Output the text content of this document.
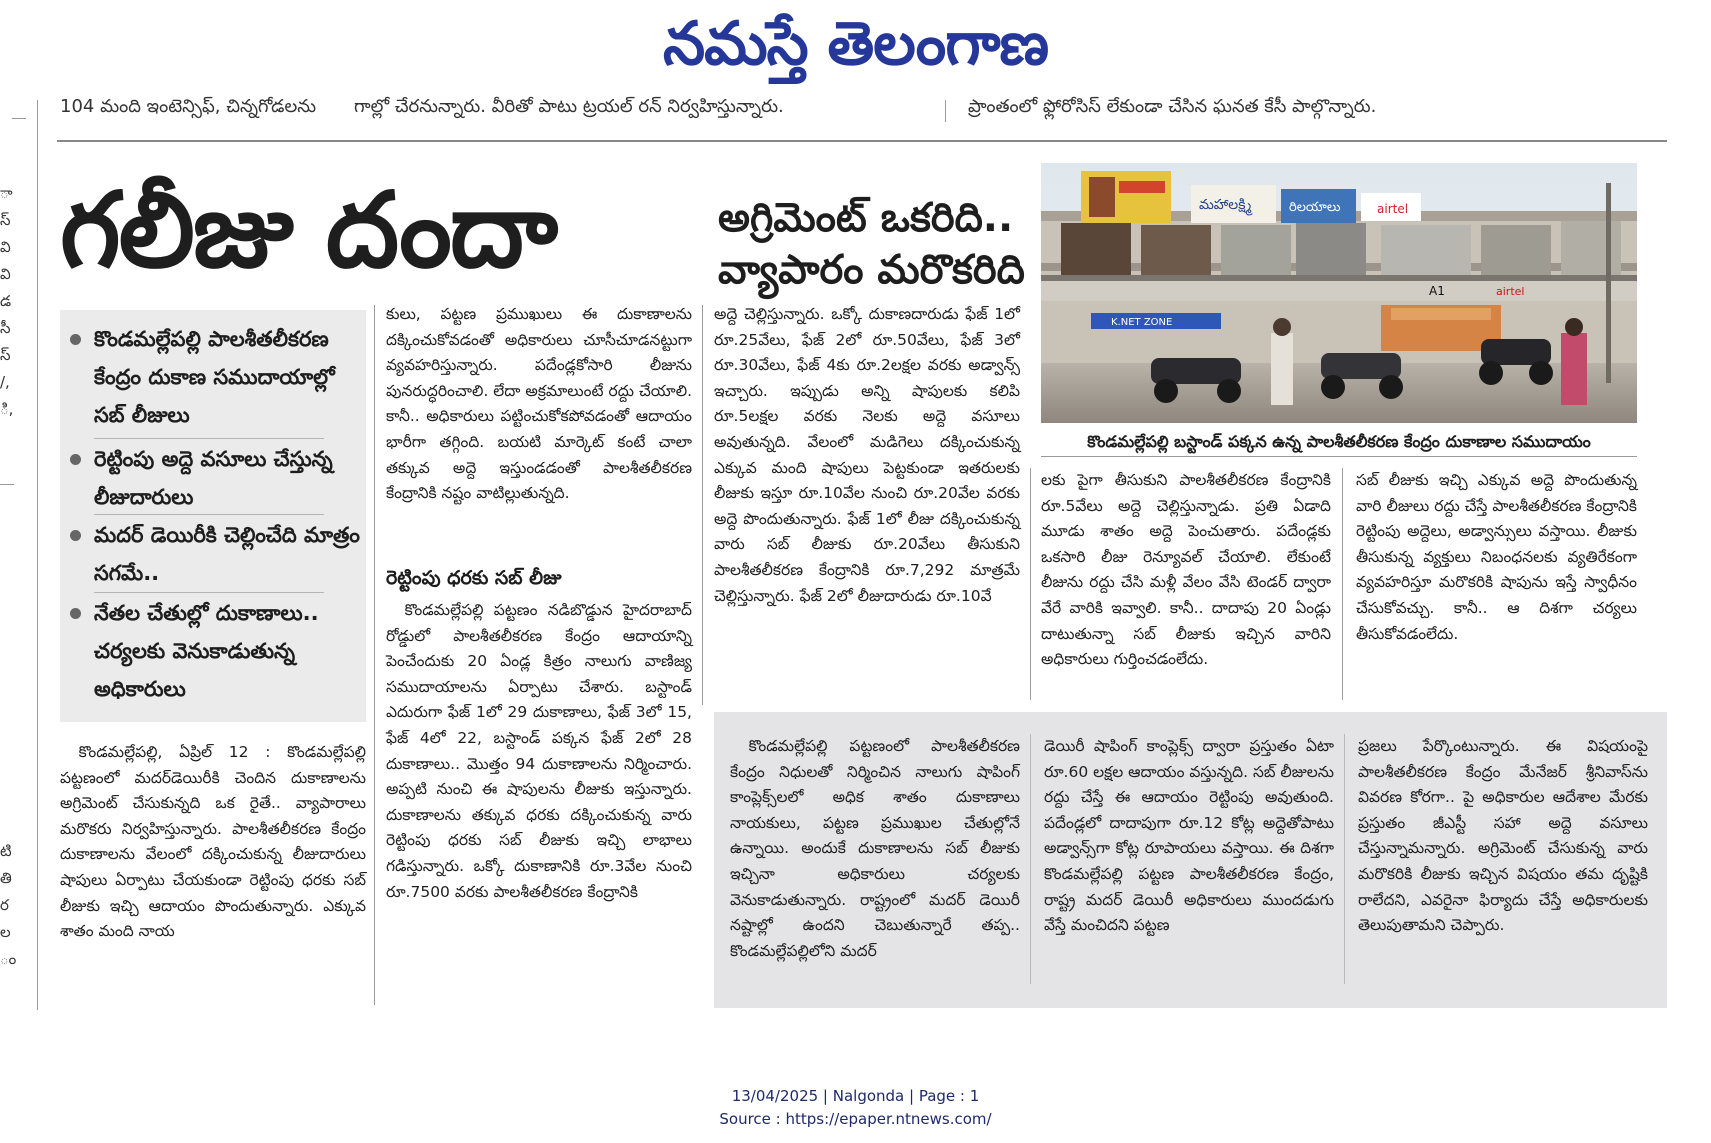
నమస్తే తెలంగాణ
104 మంది ఇంటెన్సిఫ్, చిన్నగోడలను	గాల్లో చేరనున్నారు. వీరితో పాటు ట్రయల్ రన్ నిర్వహిస్తున్నారు.	ప్రాంతంలో ఫ్లోరోసిస్ లేకుండా చేసిన ఘనత కేసీ పాల్గొన్నారు.
ా
స్
వి
వి
డ
సీ
స్
/,
ి,
టి
తి
ర
ల
ం
గలీజు దందా	అగ్రిమెంట్ ఒకరిది..
వ్యాపారం మరొకరిది
కొండమల్లేపల్లి పాలశీతలీకరణ కేంద్రం దుకాణ సముదాయాల్లో సబ్ లీజులు
రెట్టింపు అద్దె వసూలు చేస్తున్న లీజుదారులు
మదర్ డెయిరీకి చెల్లించేది మాత్రం సగమే..
నేతల చేతుల్లో దుకాణాలు.. చర్యలకు వెనుకాడుతున్న అధికారులు

కొండమల్లేపల్లి, ఏప్రిల్ 12 : కొండమల్లేపల్లి పట్టణంలో మదర్‌డెయిరీకి చెందిన దుకాణాలను అగ్రిమెంట్ చేసుకున్నది ఒక రైతే.. వ్యాపారాలు మరొకరు నిర్వహిస్తున్నారు. పాలశీతలీకరణ కేంద్రం దుకాణాలను వేలంలో దక్కించుకున్న లీజుదారులు షాపులు ఏర్పాటు చేయకుండా రెట్టింపు ధరకు సబ్ లీజుకు ఇచ్చి ఆదాయం పొందుతున్నారు. ఎక్కువ శాతం మంది నాయ

కులు, పట్టణ ప్రముఖులు ఈ దుకాణాలను దక్కించుకోవడంతో అధికారులు చూసీచూడనట్టుగా వ్యవహరిస్తున్నారు. పదేండ్లకోసారి లీజును పునరుద్ధరించాలి. లేదా అక్రమాలుంటే రద్దు చేయాలి. కానీ.. అధికారులు పట్టించుకోకపోవడంతో ఆదాయం భారీగా తగ్గింది. బయటి మార్కెట్ కంటే చాలా తక్కువ అద్దె ఇస్తుండడంతో పాలశీతలీకరణ కేంద్రానికి నష్టం వాటిల్లుతున్నది.

రెట్టింపు ధరకు సబ్ లీజు

కొండమల్లేపల్లి పట్టణం నడిబొడ్డున హైదరాబాద్ రోడ్డులో పాలశీతలీకరణ కేంద్రం ఆదాయాన్ని పెంచేందుకు 20 ఏండ్ల కిత్రం నాలుగు వాణిజ్య సముదాయాలను ఏర్పాటు చేశారు. బస్టాండ్ ఎదురుగా ఫేజ్ 1లో 29 దుకాణాలు, ఫేజ్ 3లో 15, ఫేజ్ 4లో 22, బస్టాండ్ పక్కన ఫేజ్ 2లో 28 దుకాణాలు.. మొత్తం 94 దుకాణాలను నిర్మించారు. అప్పటి నుంచి ఈ షాపులను లీజుకు ఇస్తున్నారు. దుకాణాలను తక్కువ ధరకు దక్కించుకున్న వారు రెట్టింపు ధరకు సబ్ లీజుకు ఇచ్చి లాభాలు గడిస్తున్నారు. ఒక్కో దుకాణానికి రూ.3వేల నుంచి రూ.7500 వరకు పాలశీతలీకరణ కేంద్రానికి

అద్దె చెల్లిస్తున్నారు. ఒక్కో దుకాణదారుడు ఫేజ్ 1లో రూ.25వేలు, ఫేజ్ 2లో రూ.50వేలు, ఫేజ్ 3లో రూ.30వేలు, ఫేజ్ 4కు రూ.2లక్షల వరకు అడ్వాన్స్ ఇచ్చారు. ఇప్పుడు అన్ని షాపులకు కలిపి రూ.5లక్షల వరకు నెలకు అద్దె వసూలు అవుతున్నది. వేలంలో మడిగెలు దక్కించుకున్న ఎక్కువ మంది షాపులు పెట్టకుండా ఇతరులకు లీజుకు ఇస్తూ రూ.10వేల నుంచి రూ.20వేల వరకు అద్దె పొందుతున్నారు. ఫేజ్ 1లో లీజు దక్కించుకున్న వారు సబ్ లీజుకు రూ.20వేలు తీసుకుని పాలశీతలీకరణ కేంద్రానికి రూ.7,292 మాత్రమే చెల్లిస్తున్నారు. ఫేజ్ 2లో లీజుదారుడు రూ.10వే

మహాలక్ష్మి	రిలయాలు	airtel
A1
K.NET ZONE
airtel
కొండమల్లేపల్లి బస్టాండ్ పక్కన ఉన్న పాలశీతలీకరణ కేంద్రం దుకాణాల సముదాయం

లకు పైగా తీసుకుని పాలశీతలీకరణ కేంద్రానికి రూ.5వేలు అద్దె చెల్లిస్తున్నాడు. ప్రతి ఏడాది మూడు శాతం అద్దె పెంచుతారు. పదేండ్లకు ఒకసారి లీజు రెన్యూవల్ చేయాలి. లేకుంటే లీజును రద్దు చేసి మళ్లీ వేలం వేసి టెండర్ ద్వారా వేరే వారికి ఇవ్వాలి. కానీ.. దాదాపు 20 ఏండ్లు దాటుతున్నా సబ్ లీజుకు ఇచ్చిన వారిని అధికారులు గుర్తించడంలేదు.

సబ్ లీజుకు ఇచ్చి ఎక్కువ అద్దె పొందుతున్న వారి లీజులు రద్దు చేస్తే పాలశీతలీకరణ కేంద్రానికి రెట్టింపు అద్దెలు, అడ్వాన్సులు వస్తాయి. లీజుకు తీసుకున్న వ్యక్తులు నిబంధనలకు వ్యతిరేకంగా వ్యవహరిస్తూ మరొకరికి షాపును ఇస్తే స్వాధీనం చేసుకోవచ్చు. కానీ.. ఆ దిశగా చర్యలు తీసుకోవడంలేదు.

కొండమల్లేపల్లి పట్టణంలో పాలశీతలీకరణ కేంద్రం నిధులతో నిర్మించిన నాలుగు షాపింగ్ కాంప్లెక్స్‌లలో అధిక శాతం దుకాణాలు నాయకులు, పట్టణ ప్రముఖుల చేతుల్లోనే ఉన్నాయి. అందుకే దుకాణాలను సబ్ లీజుకు ఇచ్చినా అధికారులు చర్యలకు వెనుకాడుతున్నారు. రాష్ట్రంలో మదర్ డెయిరీ నష్టాల్లో ఉందని చెబుతున్నారే తప్ప.. కొండమల్లేపల్లిలోని మదర్

డెయిరీ షాపింగ్ కాంప్లెక్స్ ద్వారా ప్రస్తుతం ఏటా రూ.60 లక్షల ఆదాయం వస్తున్నది. సబ్ లీజులను రద్దు చేస్తే ఈ ఆదాయం రెట్టింపు అవుతుంది. పదేండ్లలో దాదాపుగా రూ.12 కోట్ల అద్దెతోపాటు అడ్వాన్స్‌గా కోట్ల రూపాయలు వస్తాయి. ఈ దిశగా కొండమల్లేపల్లి పట్టణ పాలశీతలీకరణ కేంద్రం, రాష్ట్ర మదర్ డెయిరీ అధికారులు ముందడుగు వేస్తే మంచిదని పట్టణ

ప్రజలు పేర్కొంటున్నారు. ఈ విషయంపై పాలశీతలీకరణ కేంద్రం మేనేజర్ శ్రీనివాస్‌ను వివరణ కోరగా.. పై అధికారుల ఆదేశాల మేరకు ప్రస్తుతం జీఎస్టీ సహా అద్దె వసూలు చేస్తున్నామన్నారు. అగ్రిమెంట్ చేసుకున్న వారు మరొకరికి లీజుకు ఇచ్చిన విషయం తమ దృష్టికి రాలేదని, ఎవరైనా ఫిర్యాదు చేస్తే అధికారులకు తెలుపుతామని చెప్పారు.

13/04/2025 | Nalgonda | Page : 1
Source : https://epaper.ntnews.com/
